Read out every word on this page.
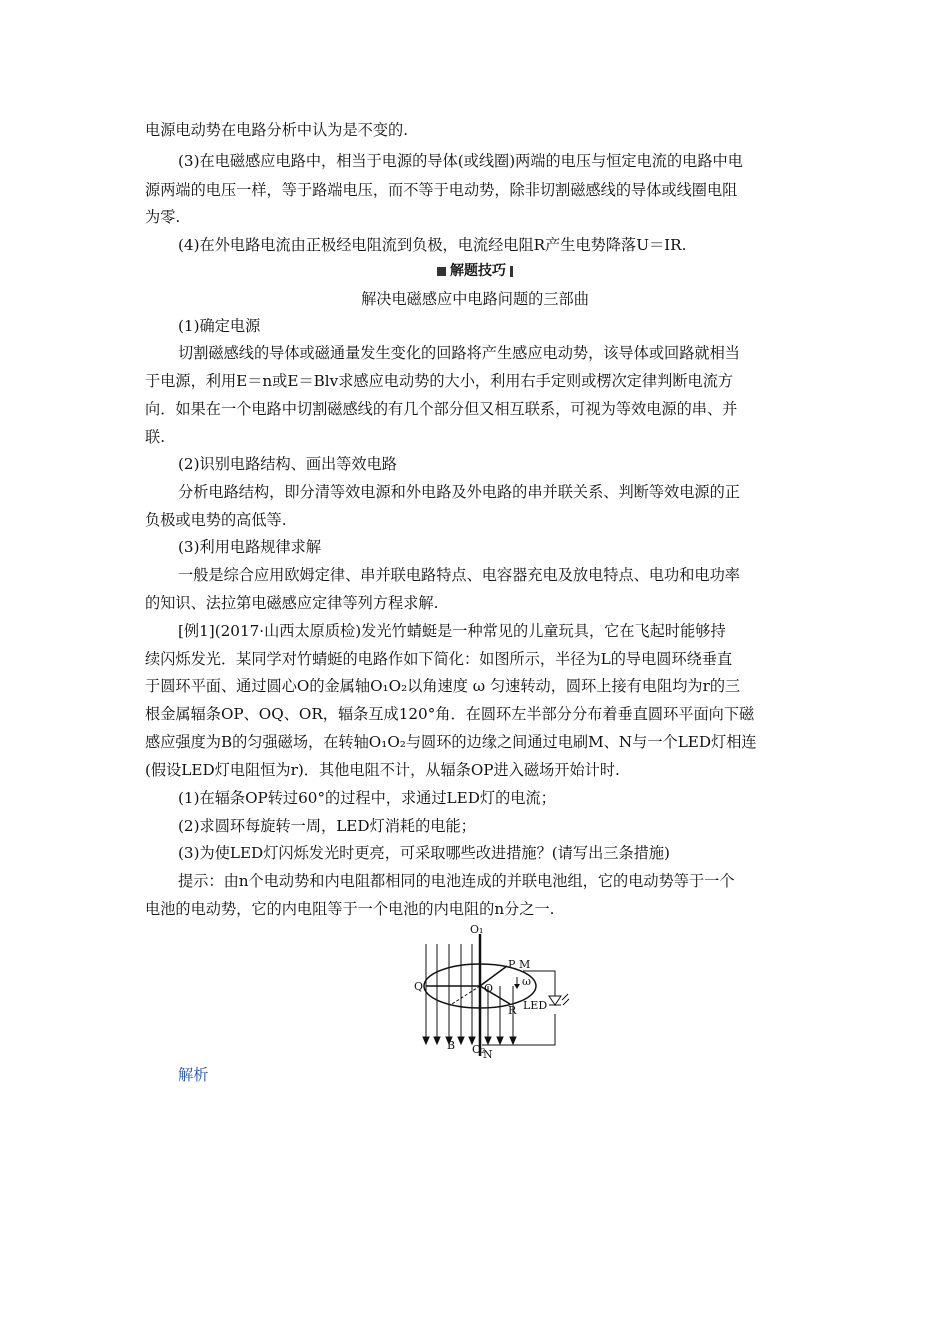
电源电动势在电路分析中认为是不变的.
(3)在电磁感应电路中，相当于电源的导体(或线圈)两端的电压与恒定电流的电路中电
源两端的电压一样，等于路端电压，而不等于电动势，除非切割磁感线的导体或线圈电阻
为零.
(4)在外电路电流由正极经电阻流到负极，电流经电阻R产生电势降落U＝IR.
解题技巧
解决电磁感应中电路问题的三部曲
(1)确定电源
切割磁感线的导体或磁通量发生变化的回路将产生感应电动势，该导体或回路就相当
于电源，利用E＝n或E＝Blv求感应电动势的大小，利用右手定则或楞次定律判断电流方
向．如果在一个电路中切割磁感线的有几个部分但又相互联系，可视为等效电源的串、并
联.
(2)识别电路结构、画出等效电路
分析电路结构，即分清等效电源和外电路及外电路的串并联关系、判断等效电源的正
负极或电势的高低等.
(3)利用电路规律求解
一般是综合应用欧姆定律、串并联电路特点、电容器充电及放电特点、电功和电功率
的知识、法拉第电磁感应定律等列方程求解.
[例1](2017·山西太原质检)发光竹蜻蜓是一种常见的儿童玩具，它在飞起时能够持
续闪烁发光．某同学对竹蜻蜓的电路作如下简化：如图所示，半径为L的导电圆环绕垂直
于圆环平面、通过圆心O的金属轴O₁O₂以角速度 ω 匀速转动，圆环上接有电阻均为r的三
根金属辐条OP、OQ、OR，辐条互成120°角．在圆环左半部分分布着垂直圆环平面向下磁
感应强度为B的匀强磁场，在转轴O₁O₂与圆环的边缘之间通过电刷M、N与一个LED灯相连
(假设LED灯电阻恒为r)．其他电阻不计，从辐条OP进入磁场开始计时.
(1)在辐条OP转过60°的过程中，求通过LED灯的电流；
(2)求圆环每旋转一周，LED灯消耗的电能；
(3)为使LED灯闪烁发光时更亮，可采取哪些改进措施？(请写出三条措施)
提示：由n个电动势和内电阻都相同的电池连成的并联电池组，它的电动势等于一个
电池的电动势，它的内电阻等于一个电池的内电阻的n分之一.
O₁
O₂
O
P
Q
R
M
N
B
ω
LED
解析
